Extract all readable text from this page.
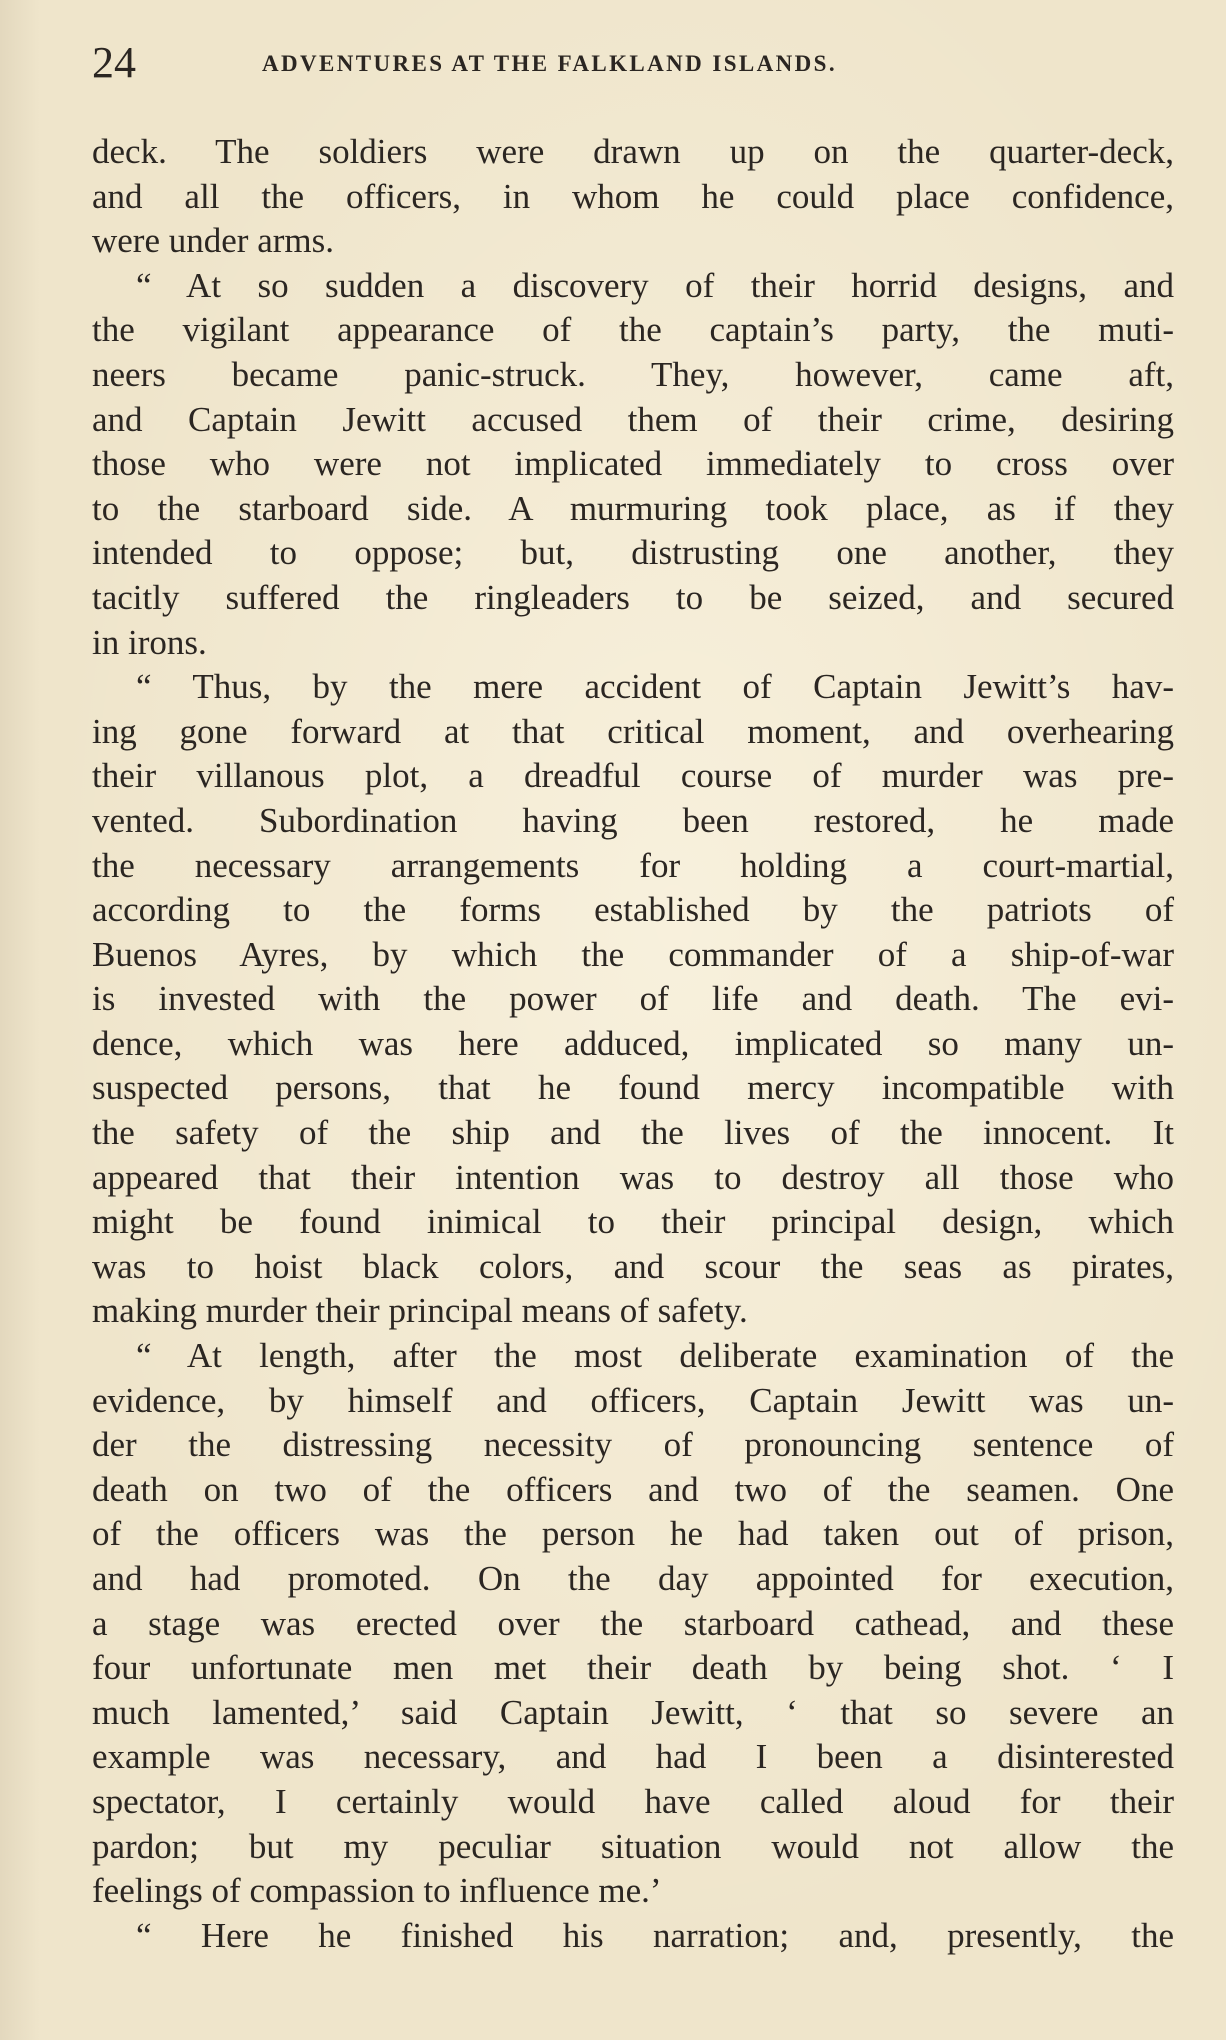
24	ADVENTURES AT THE FALKLAND ISLANDS.
deck. The soldiers were drawn up on the quarter-deck,
and all the officers, in whom he could place confidence,
were under arms.
“ At so sudden a discovery of their horrid designs, and
the vigilant appearance of the captain’s party, the muti-
neers became panic-struck. They, however, came aft,
and Captain Jewitt accused them of their crime, desiring
those who were not implicated immediately to cross over
to the starboard side. A murmuring took place, as if they
intended to oppose; but, distrusting one another, they
tacitly suffered the ringleaders to be seized, and secured
in irons.
“ Thus, by the mere accident of Captain Jewitt’s hav-
ing gone forward at that critical moment, and overhearing
their villanous plot, a dreadful course of murder was pre-
vented. Subordination having been restored, he made
the necessary arrangements for holding a court-martial,
according to the forms established by the patriots of
Buenos Ayres, by which the commander of a ship-of-war
is invested with the power of life and death. The evi-
dence, which was here adduced, implicated so many un-
suspected persons, that he found mercy incompatible with
the safety of the ship and the lives of the innocent. It
appeared that their intention was to destroy all those who
might be found inimical to their principal design, which
was to hoist black colors, and scour the seas as pirates,
making murder their principal means of safety.
“ At length, after the most deliberate examination of the
evidence, by himself and officers, Captain Jewitt was un-
der the distressing necessity of pronouncing sentence of
death on two of the officers and two of the seamen. One
of the officers was the person he had taken out of prison,
and had promoted. On the day appointed for execution,
a stage was erected over the starboard cathead, and these
four unfortunate men met their death by being shot. ‘ I
much lamented,’ said Captain Jewitt, ‘ that so severe an
example was necessary, and had I been a disinterested
spectator, I certainly would have called aloud for their
pardon; but my peculiar situation would not allow the
feelings of compassion to influence me.’
“ Here he finished his narration; and, presently, the
